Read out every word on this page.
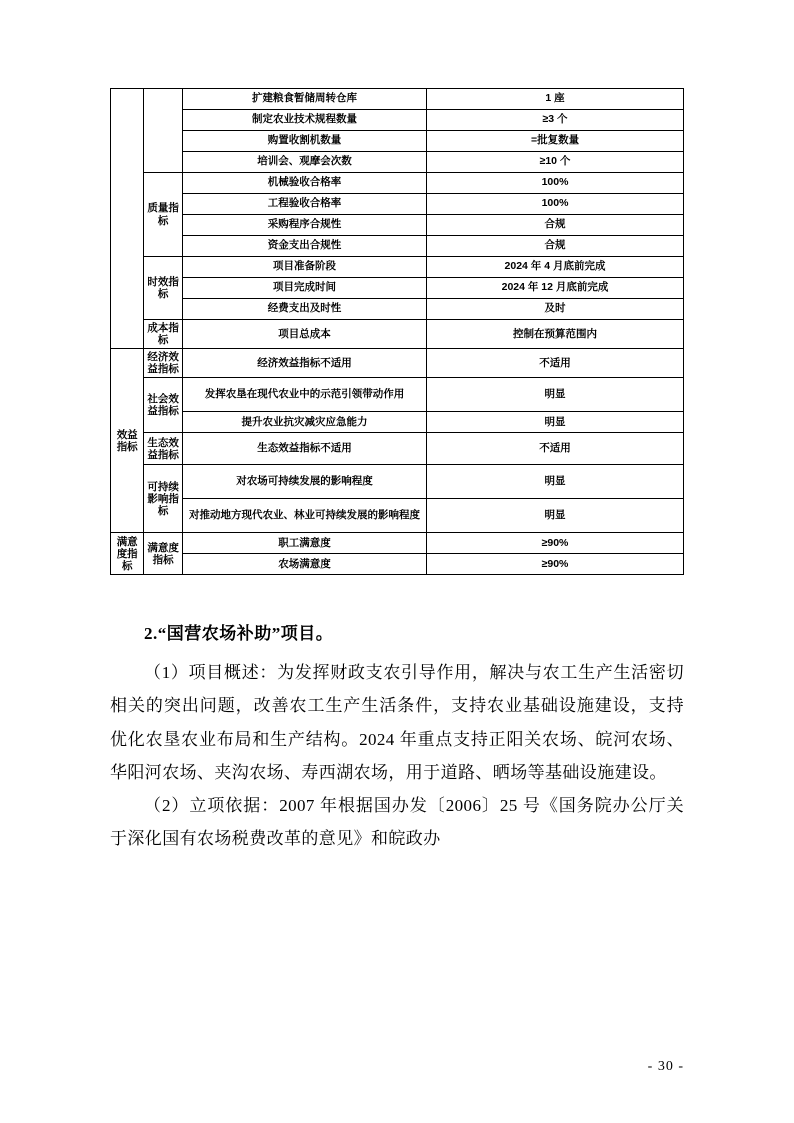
		扩建粮食暂储周转仓库	1 座
		制定农业技术规程数量	≥3 个
		购置收割机数量	=批复数量
		培训会、观摩会次数	≥10 个

	质量指标	机械验收合格率	100%
		工程验收合格率	100%
		采购程序合规性	合规
		资金支出合规性	合规

	时效指标	项目准备阶段	2024 年 4 月底前完成
		项目完成时间	2024 年 12 月底前完成
		经费支出及时性	及时

	成本指标	项目总成本	控制在预算范围内

效益指标	经济效益指标	经济效益指标不适用	不适用

	社会效益指标	发挥农垦在现代农业中的示范引领带动作用	明显
		提升农业抗灾减灾应急能力	明显

	生态效益指标	生态效益指标不适用	不适用

	可持续影响指标	对农场可持续发展的影响程度	明显
		对推动地方现代农业、林业可持续发展的影响程度	明显

满意度指标	满意度指标	职工满意度	≥90%
		农场满意度	≥90%
2.“国营农场补助”项目。

（1）项目概述：为发挥财政支农引导作用，解决与农工生产生活密切相关的突出问题，改善农工生产生活条件，支持农业基础设施建设，支持优化农垦农业布局和生产结构。2024 年重点支持正阳关农场、皖河农场、华阳河农场、夹沟农场、寿西湖农场，用于道路、晒场等基础设施建设。

（2）立项依据：2007 年根据国办发〔2006〕25 号《国务院办公厅关于深化国有农场税费改革的意见》和皖政办

- 30 -
